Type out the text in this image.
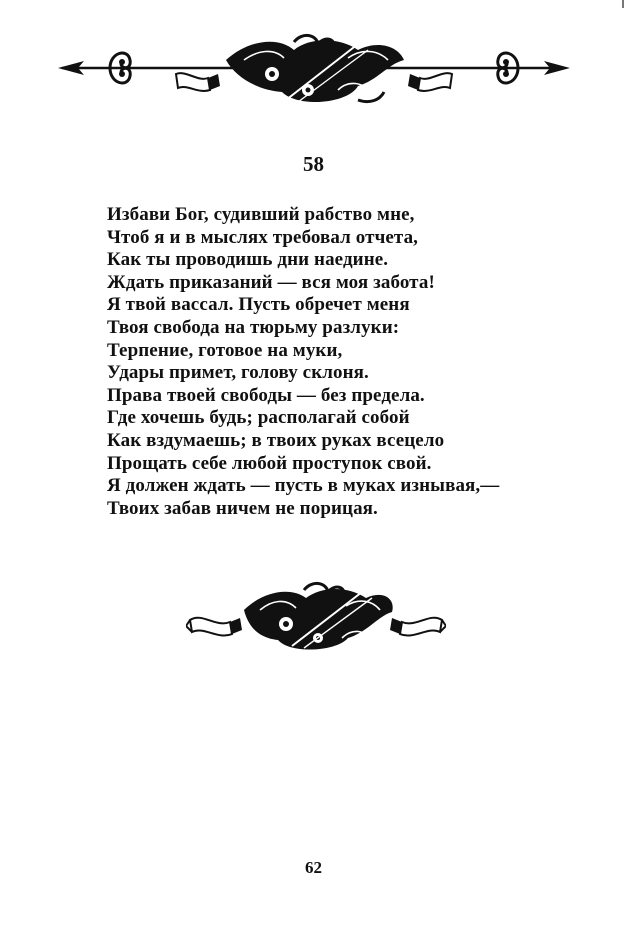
58
Избави Бог, судивший рабство мне,
Чтоб я и в мыслях требовал отчета,
Как ты проводишь дни наедине.
Ждать приказаний — вся моя забота!
Я твой вассал. Пусть обречет меня
Твоя свобода на тюрьму разлуки:
Терпение, готовое на муки,
Удары примет, голову склоня.
Права твоей свободы — без предела.
Где хочешь будь; располагай собой
Как вздумаешь; в твоих руках всецело
Прощать себе любой проступок свой.
Я должен ждать — пусть в муках изнывая,—
Твоих забав ничем не порицая.
62
